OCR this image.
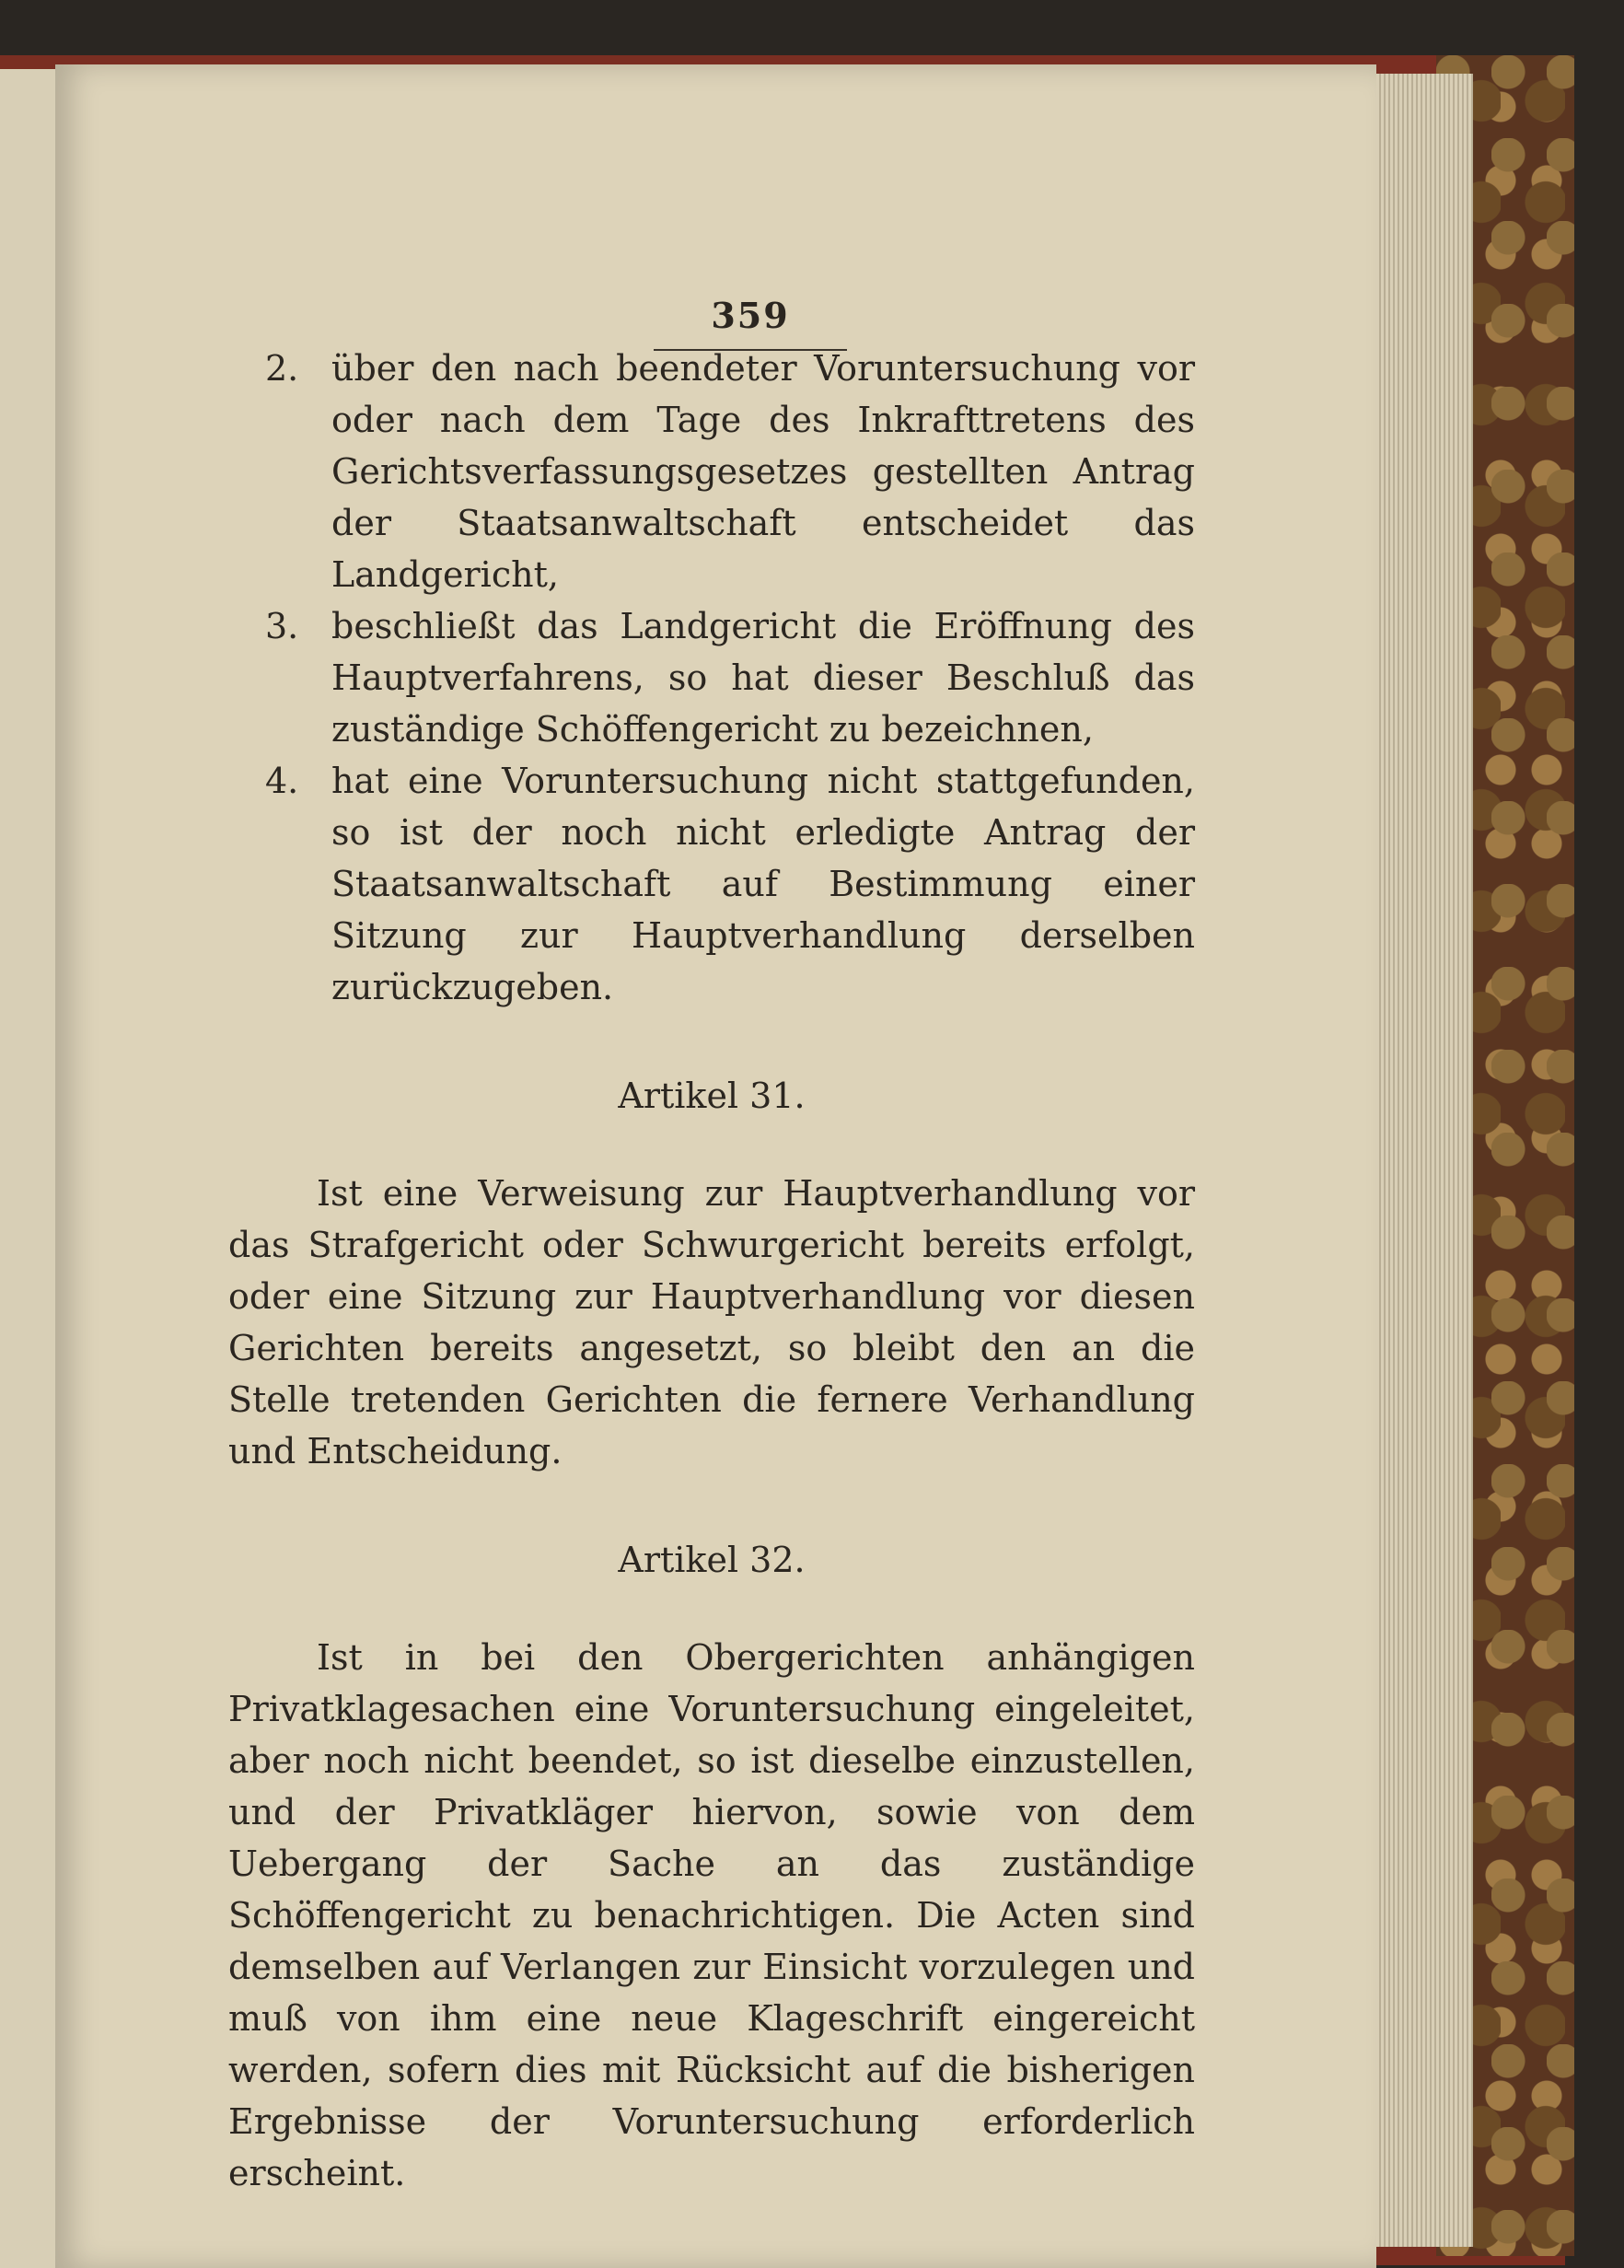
359
2. über den nach beendeter Voruntersuchung vor oder nach dem Tage des Inkrafttretens des Gerichtsverfassungsgesetzes gestellten Antrag der Staatsanwaltschaft entscheidet das Landgericht,
3. beschließt das Landgericht die Eröffnung des Hauptverfahrens, so hat dieser Beschluß das zuständige Schöffengericht zu bezeichnen,
4. hat eine Voruntersuchung nicht stattgefunden, so ist der noch nicht erledigte Antrag der Staatsanwaltschaft auf Bestimmung einer Sitzung zur Hauptverhandlung derselben zurückzugeben.
Artikel 31.
Ist eine Verweisung zur Hauptverhandlung vor das Strafgericht oder Schwurgericht bereits erfolgt, oder eine Sitzung zur Hauptverhandlung vor diesen Gerichten bereits angesetzt, so bleibt den an die Stelle tretenden Gerichten die fernere Verhandlung und Entscheidung.
Artikel 32.
Ist in bei den Obergerichten anhängigen Privatklagesachen eine Voruntersuchung eingeleitet, aber noch nicht beendet, so ist dieselbe einzustellen, und der Privatkläger hiervon, sowie von dem Uebergang der Sache an das zuständige Schöffengericht zu benachrichtigen. Die Acten sind demselben auf Verlangen zur Einsicht vorzulegen und muß von ihm eine neue Klageschrift eingereicht werden, sofern dies mit Rücksicht auf die bisherigen Ergebnisse der Voruntersuchung erforderlich erscheint.
